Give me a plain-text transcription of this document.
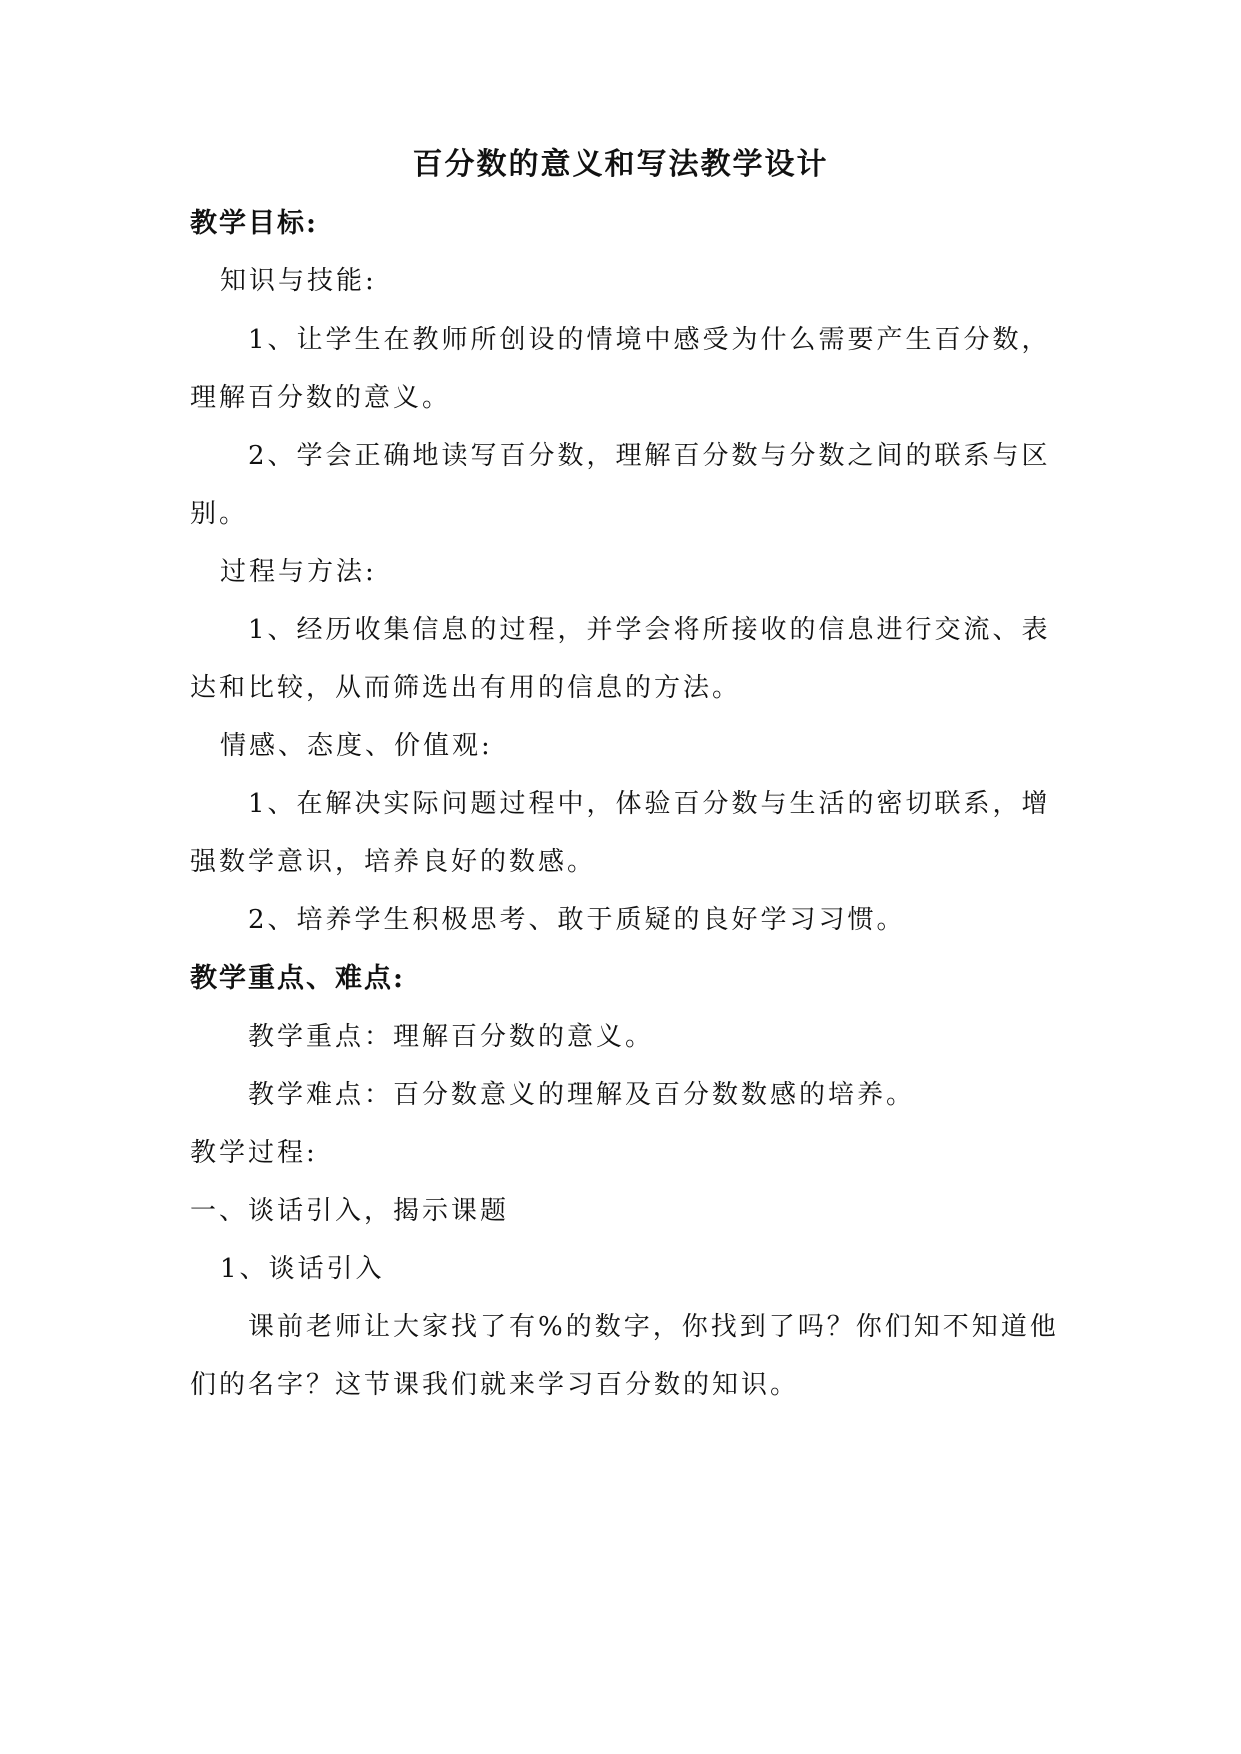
百分数的意义和写法教学设计
教学目标:
知识与技能:
1、让学生在教师所创设的情境中感受为什么需要产生百分数，
理解百分数的意义。
2、学会正确地读写百分数，理解百分数与分数之间的联系与区
别。
过程与方法:
1、经历收集信息的过程，并学会将所接收的信息进行交流、表
达和比较，从而筛选出有用的信息的方法。
情感、态度、价值观:
1、在解决实际问题过程中，体验百分数与生活的密切联系，增
强数学意识，培养良好的数感。
2、培养学生积极思考、敢于质疑的良好学习习惯。
教学重点、难点:
教学重点：理解百分数的意义。
教学难点：百分数意义的理解及百分数数感的培养。
教学过程:
一、谈话引入，揭示课题
1、谈话引入
课前老师让大家找了有%的数字，你找到了吗？你们知不知道他
们的名字？这节课我们就来学习百分数的知识。
